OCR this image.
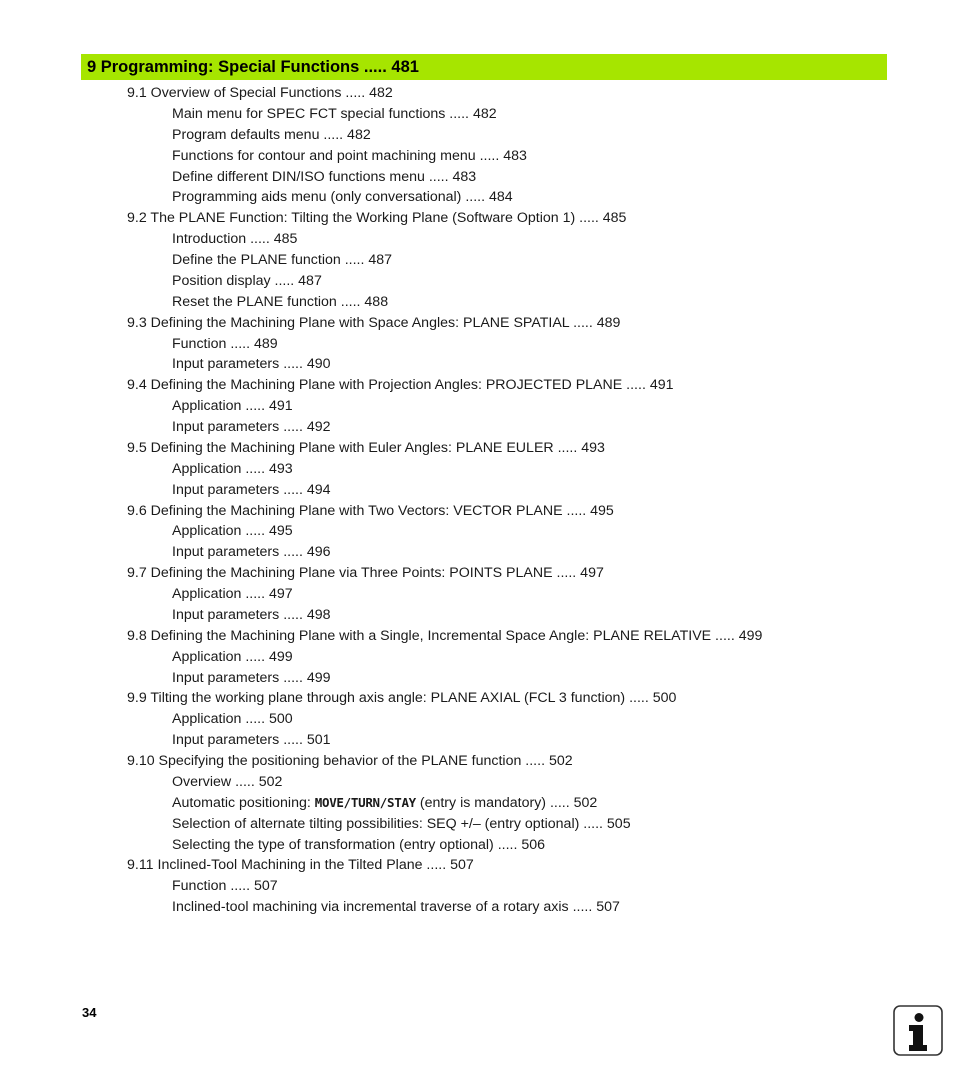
9 Programming: Special Functions ..... 481
9.1 Overview of Special Functions ..... 482
Main menu for SPEC FCT special functions ..... 482
Program defaults menu ..... 482
Functions for contour and point machining menu ..... 483
Define different DIN/ISO functions menu ..... 483
Programming aids menu (only conversational) ..... 484
9.2 The PLANE Function: Tilting the Working Plane (Software Option 1) ..... 485
Introduction ..... 485
Define the PLANE function ..... 487
Position display ..... 487
Reset the PLANE function ..... 488
9.3 Defining the Machining Plane with Space Angles: PLANE SPATIAL ..... 489
Function ..... 489
Input parameters ..... 490
9.4 Defining the Machining Plane with Projection Angles: PROJECTED PLANE ..... 491
Application ..... 491
Input parameters ..... 492
9.5 Defining the Machining Plane with Euler Angles: PLANE EULER ..... 493
Application ..... 493
Input parameters ..... 494
9.6 Defining the Machining Plane with Two Vectors: VECTOR PLANE ..... 495
Application ..... 495
Input parameters ..... 496
9.7 Defining the Machining Plane via Three Points: POINTS PLANE ..... 497
Application ..... 497
Input parameters ..... 498
9.8 Defining the Machining Plane with a Single, Incremental Space Angle: PLANE RELATIVE ..... 499
Application ..... 499
Input parameters ..... 499
9.9 Tilting the working plane through axis angle: PLANE AXIAL (FCL 3 function) ..... 500
Application ..... 500
Input parameters ..... 501
9.10 Specifying the positioning behavior of the PLANE function ..... 502
Overview ..... 502
Automatic positioning: MOVE/TURN/STAY (entry is mandatory) ..... 502
Selection of alternate tilting possibilities: SEQ +/– (entry optional) ..... 505
Selecting the type of transformation (entry optional) ..... 506
9.11 Inclined-Tool Machining in the Tilted Plane ..... 507
Function ..... 507
Inclined-tool machining via incremental traverse of a rotary axis ..... 507
34
